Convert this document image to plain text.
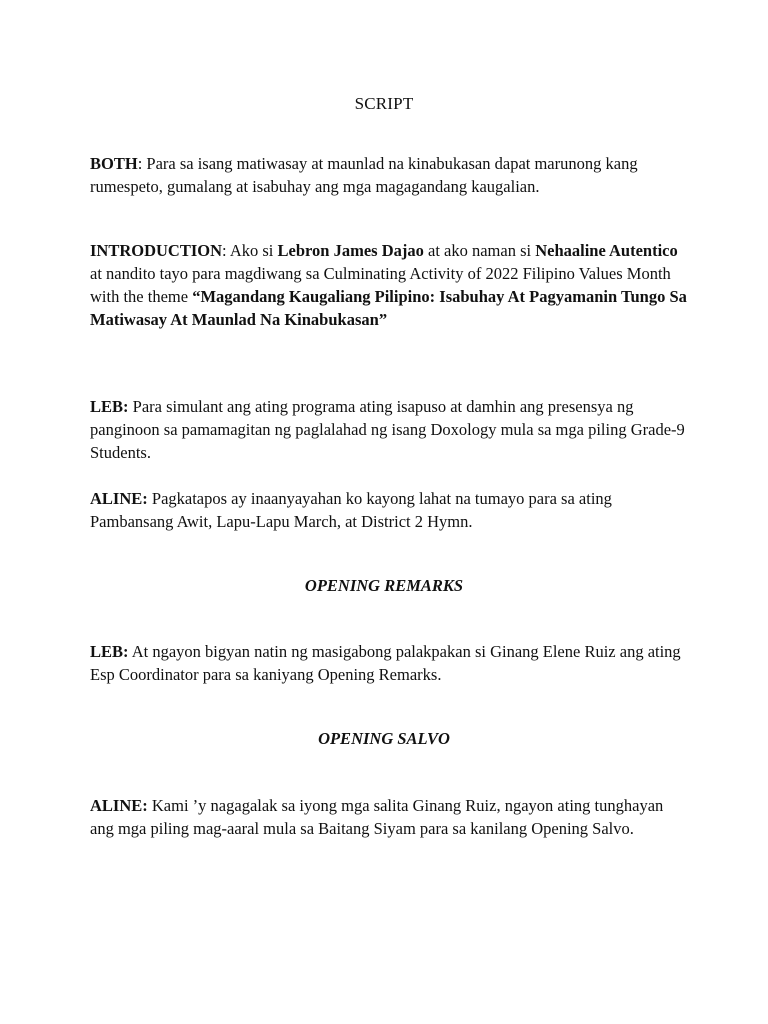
SCRIPT

BOTH: Para sa isang matiwasay at maunlad na kinabukasan dapat marunong kang rumespeto, gumalang at isabuhay ang mga magagandang kaugalian.

INTRODUCTION: Ako si Lebron James Dajao at ako naman si Nehaaline Autentico at nandito tayo para magdiwang sa Culminating Activity of 2022 Filipino Values Month with the theme “Magandang Kaugaliang Pilipino: Isabuhay At Pagyamanin Tungo Sa Matiwasay At Maunlad Na Kinabukasan”

LEB: Para simulant ang ating programa ating isapuso at damhin ang presensya ng panginoon sa pamamagitan ng paglalahad ng isang Doxology mula sa mga piling Grade-9 Students.

ALINE: Pagkatapos ay inaanyayahan ko kayong lahat na tumayo para sa ating Pambansang Awit, Lapu-Lapu March, at District 2 Hymn.

OPENING REMARKS

LEB: At ngayon bigyan natin ng masigabong palakpakan si Ginang Elene Ruiz ang ating Esp Coordinator para sa kaniyang Opening Remarks.

OPENING SALVO

ALINE: Kami ’y nagagalak sa iyong mga salita Ginang Ruiz, ngayon ating tunghayan ang mga piling mag-aaral mula sa Baitang Siyam para sa kanilang Opening Salvo.
